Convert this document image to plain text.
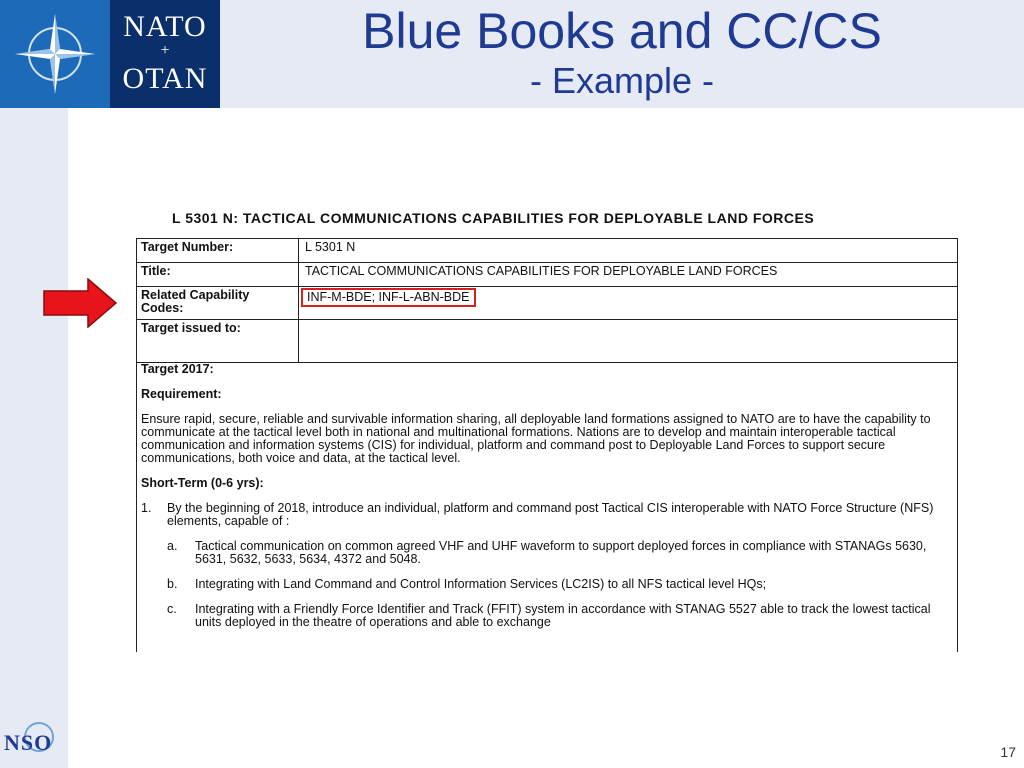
NATO
+
OTAN
Blue Books and CC/CS
- Example -
L 5301 N: TACTICAL COMMUNICATIONS CAPABILITIES FOR DEPLOYABLE LAND FORCES
Target Number:	L 5301 N
Title:	TACTICAL COMMUNICATIONS CAPABILITIES FOR DEPLOYABLE LAND FORCES
Related Capability Codes:
INF-M-BDE; INF-L-ABN-BDE
Target issued to:

Target 2017:

Requirement:

Ensure rapid, secure, reliable and survivable information sharing, all deployable land formations assigned to NATO are to have the capability to communicate at the tactical level both in national and multinational formations. Nations are to develop and maintain interoperable tactical communication and information systems (CIS) for individual, platform and command post to Deployable Land Forces to support secure communications, both voice and data, at the tactical level.

Short-Term (0-6 yrs):

1.	By the beginning of 2018, introduce an individual, platform and command post Tactical CIS interoperable with NATO Force Structure (NFS) elements, capable of :
a.	Tactical communication on common agreed VHF and UHF waveform to support deployed forces in compliance with STANAGs 5630, 5631, 5632, 5633, 5634, 4372 and 5048.
b.	Integrating with Land Command and Control Information Services (LC2IS) to all NFS tactical level HQs;
c.	Integrating with a Friendly Force Identifier and Track (FFIT) system in accordance with STANAG 5527 able to track the lowest tactical units deployed in the theatre of operations and able to exchange
NSO	17
